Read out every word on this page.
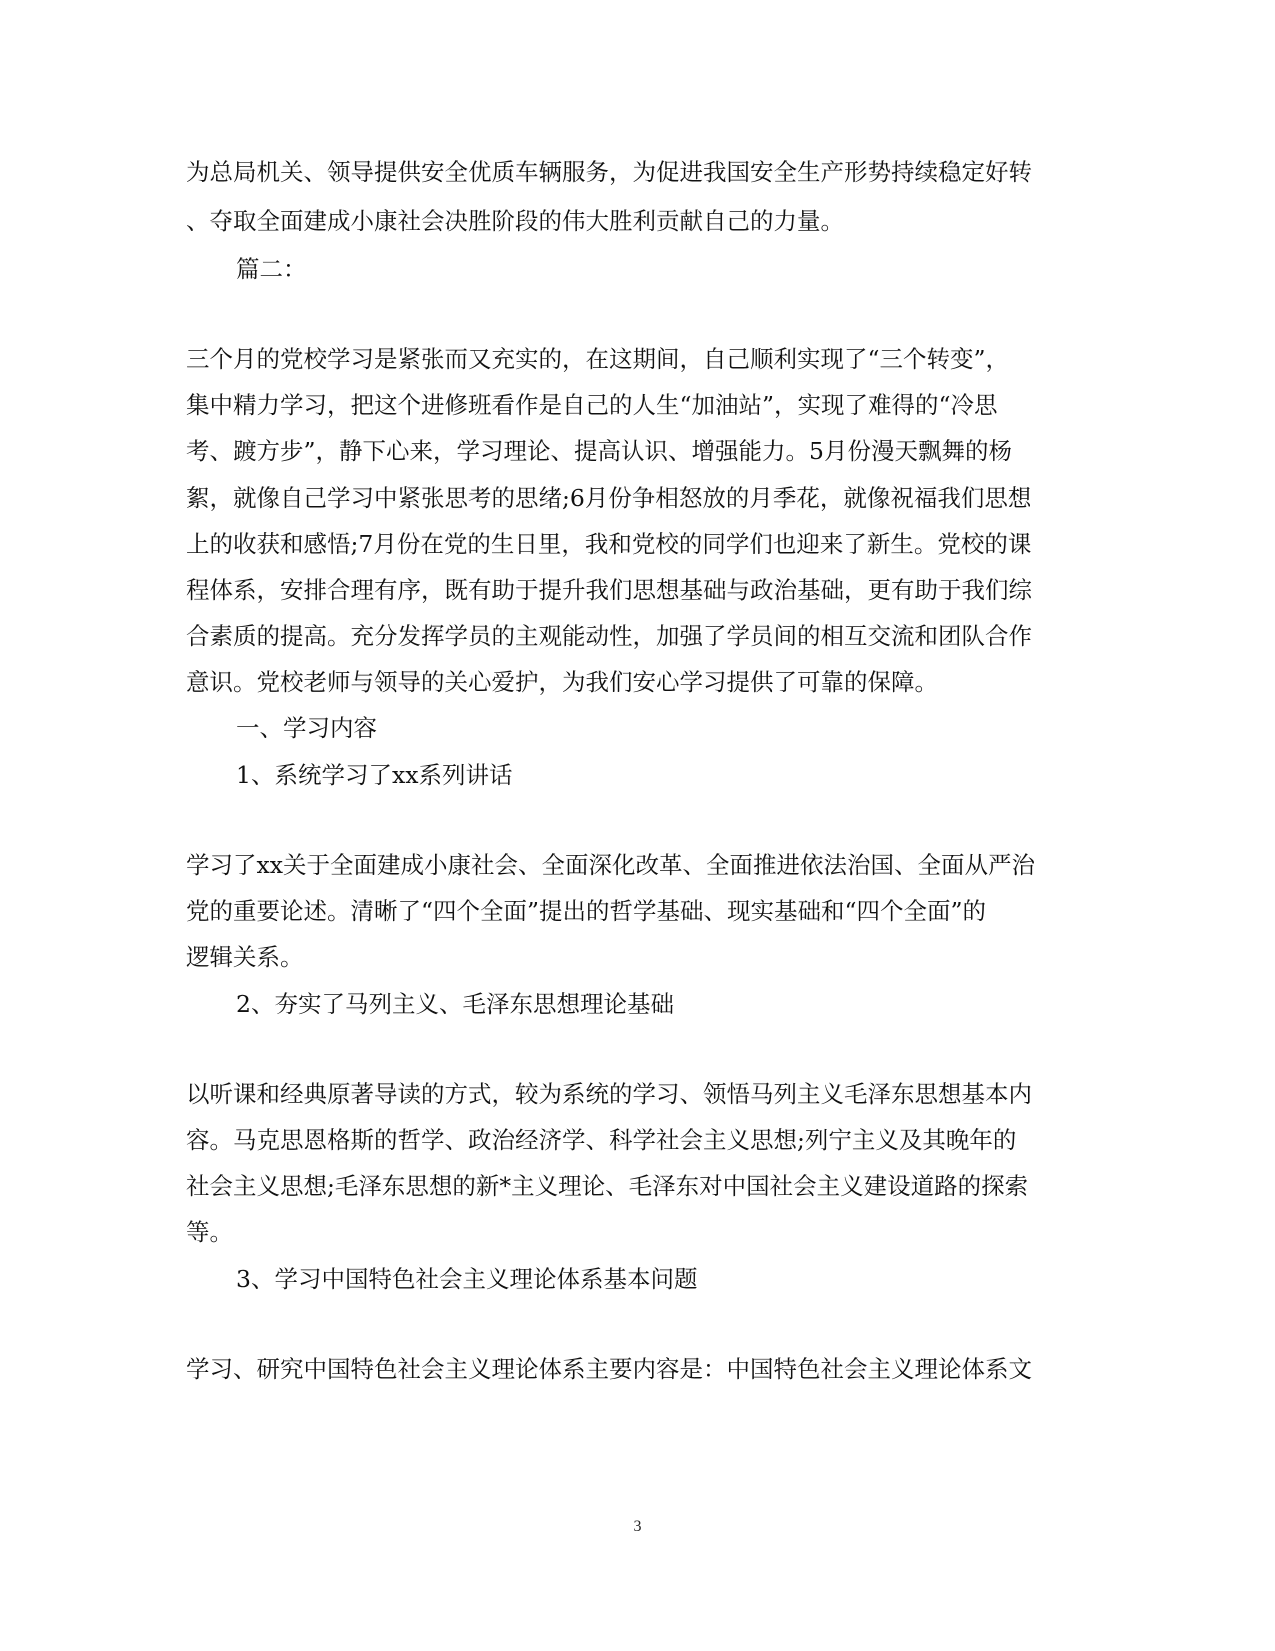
为总局机关、领导提供安全优质车辆服务，为促进我国安全生产形势持续稳定好转
、夺取全面建成小康社会决胜阶段的伟大胜利贡献自己的力量。
篇二：
三个月的党校学习是紧张而又充实的，在这期间，自己顺利实现了“三个转变”，
集中精力学习，把这个进修班看作是自己的人生“加油站”，实现了难得的“冷思
考、踱方步”，静下心来，学习理论、提高认识、增强能力。5月份漫天飘舞的杨
絮，就像自己学习中紧张思考的思绪;6月份争相怒放的月季花，就像祝福我们思想
上的收获和感悟;7月份在党的生日里，我和党校的同学们也迎来了新生。党校的课
程体系，安排合理有序，既有助于提升我们思想基础与政治基础，更有助于我们综
合素质的提高。充分发挥学员的主观能动性，加强了学员间的相互交流和团队合作
意识。党校老师与领导的关心爱护，为我们安心学习提供了可靠的保障。
一、学习内容
1、系统学习了xx系列讲话
学习了xx关于全面建成小康社会、全面深化改革、全面推进依法治国、全面从严治
党的重要论述。清晰了“四个全面”提出的哲学基础、现实基础和“四个全面”的
逻辑关系。
2、夯实了马列主义、毛泽东思想理论基础
以听课和经典原著导读的方式，较为系统的学习、领悟马列主义毛泽东思想基本内
容。马克思恩格斯的哲学、政治经济学、科学社会主义思想;列宁主义及其晚年的
社会主义思想;毛泽东思想的新*主义理论、毛泽东对中国社会主义建设道路的探索
等。
3、学习中国特色社会主义理论体系基本问题
学习、研究中国特色社会主义理论体系主要内容是：中国特色社会主义理论体系文
3
